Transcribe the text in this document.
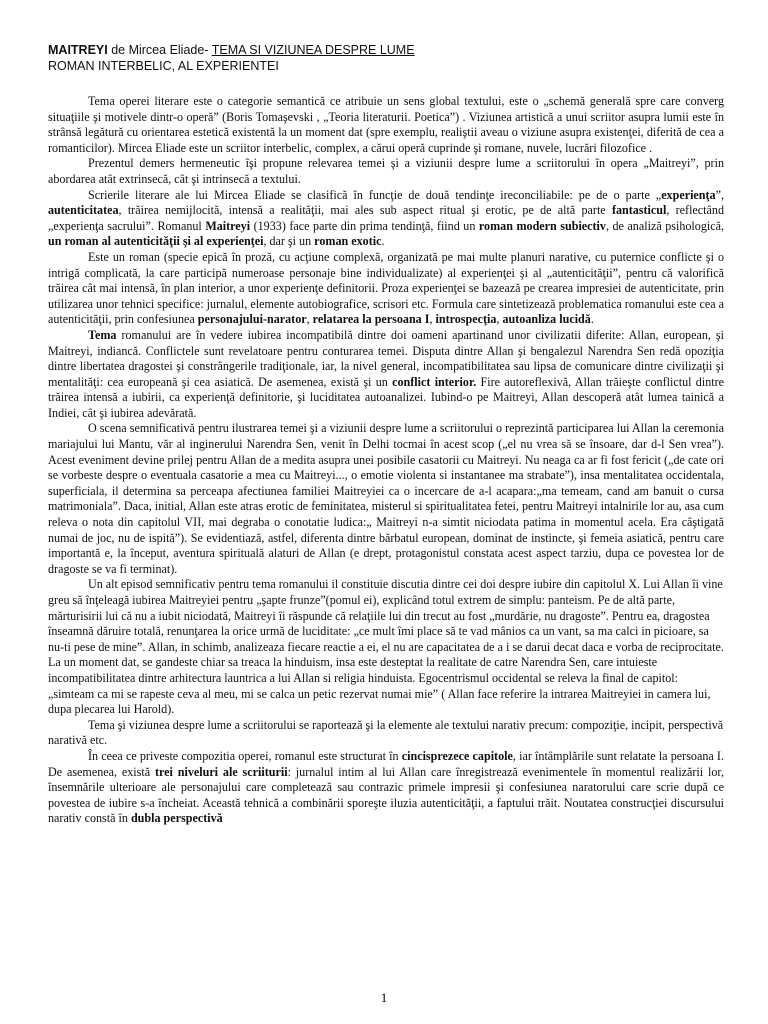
MAITREYI de Mircea Eliade- TEMA SI VIZIUNEA DESPRE LUME
ROMAN INTERBELIC, AL EXPERIENTEI

Tema operei literare este o categorie semantică ce atribuie un sens global textului, este o „schemă generală spre care converg situaţiile şi motivele dintr-o operă” (Boris Tomaşevski , „Teoria literaturii. Poetica”) . Viziunea artistică a unui scriitor asupra lumii este în strânsă legătură cu orientarea estetică existentă la un moment dat (spre exemplu, realiştii aveau o viziune asupra existenţei, diferită de cea a romanticilor). Mircea Eliade este un scriitor interbelic, complex, a cărui operă cuprinde şi romane, nuvele, lucrări filozofice .

Prezentul demers hermeneutic îşi propune relevarea temei şi a viziunii despre lume a scriitorului în opera „Maitreyi”, prin abordarea atât extrinsecă, cât şi intrinsecă a textului.

Scrierile literare ale lui Mircea Eliade se clasifică în funcţie de două tendinţe ireconciliabile: pe de o parte „experienţa”, autenticitatea, trăirea nemijlocită, intensă a realităţii, mai ales sub aspect ritual şi erotic, pe de altă parte fantasticul, reflectând „experienţa sacrului”. Romanul Maitreyi (1933) face parte din prima tendinţă, fiind un roman modern subiectiv, de analiză psihologică, un roman al autenticităţii şi al experienţei, dar şi un roman exotic.

Este un roman (specie epică în proză, cu acţiune complexă, organizată pe mai multe planuri narative, cu puternice conflicte şi o intrigă complicată, la care participă numeroase personaje bine individualizate) al experienţei şi al „autenticităţii”, pentru că valorifică trăirea cât mai intensă, în plan interior, a unor experienţe definitorii. Proza experienţei se bazează pe crearea impresiei de autenticitate, prin utilizarea unor tehnici specifice: jurnalul, elemente autobiografice, scrisori etc. Formula care sintetizează problematica romanului este cea a autenticităţii, prin confesiunea personajului-narator, relatarea la persoana I, introspecţia, autoanliza lucidă.

Tema romanului are în vedere iubirea incompatibilă dintre doi oameni apartinand unor civilizatii diferite: Allan, european, şi Maitreyi, indiancă. Conflictele sunt revelatoare pentru conturarea temei. Disputa dintre Allan şi bengalezul Narendra Sen redă opoziţia dintre libertatea dragostei şi constrângerile tradiţionale, iar, la nivel general, incompatibilitatea sau lipsa de comunicare dintre civilizaţii şi mentalităţi: cea europeană şi cea asiatică. De asemenea, există şi un conflict interior. Fire autoreflexivă, Allan trăieşte conflictul dintre trăirea intensă a iubirii, ca experienţă definitorie, şi luciditatea autoanalizei. Iubind-o pe Maitreyi, Allan descoperă atât lumea tainică a Indiei, cât şi iubirea adevărată.

O scena semnificativă pentru ilustrarea temei şi a viziunii despre lume a scriitorului o reprezintă participarea lui Allan la ceremonia mariajului lui Mantu, văr al inginerului Narendra Sen, venit în Delhi tocmai în acest scop („el nu vrea să se însoare, dar d-l Sen vrea”). Acest eveniment devine prilej pentru Allan de a medita asupra unei posibile casatorii cu Maitreyi. Nu neaga ca ar fi fost fericit („de cate ori se vorbeste despre o eventuala casatorie a mea cu Maitreyi..., o emotie violenta si instantanee ma strabate”), insa mentalitatea occidentala, superficiala, il determina sa perceapa afectiunea familiei Maitreyiei ca o incercare de a-l acapara:„ma temeam, cand am banuit o cursa matrimoniala”. Daca, initial, Allan este atras erotic de feminitatea, misterul si spiritualitatea fetei, pentru Maitreyi intalnirile lor au, asa cum releva o nota din capitolul VII, mai degraba o conotatie ludica:„ Maitreyi n-a simtit niciodata patima in momentul acela. Era câştigată numai de joc, nu de ispită”). Se evidentiază, astfel, diferenta dintre bărbatul european, dominat de instincte, şi femeia asiatică, pentru care importantă e, la început, aventura spirituală alaturi de Allan (e drept, protagonistul constata acest aspect tarziu, dupa ce povestea lor de dragoste se va fi terminat).

Un alt episod semnificativ pentru tema romanului il constituie discutia dintre cei doi despre iubire din capitolul X. Lui Allan îi vine greu să înţeleagă iubirea Maitreyiei pentru „şapte frunze”(pomul ei), explicând totul extrem de simplu: panteism. Pe de altă parte, mărturisirii lui că nu a iubit niciodată, Maitreyi îi răspunde că relaţiile lui din trecut au fost „murdărie, nu dragoste”. Pentru ea, dragostea înseamnă dăruire totală, renunţarea la orice urmă de luciditate: „ce mult îmi place să te vad mânios ca un vant, sa ma calci in picioare, sa nu-ti pese de mine”. Allan, in schimb, analizeaza fiecare reactie a ei, el nu are capacitatea de a i se darui decat daca e vorba de reciprocitate. La un moment dat, se gandeste chiar sa treaca la hinduism, insa este desteptat la realitate de catre Narendra Sen, care intuieste incompatibilitatea dintre arhitectura launtrica a lui Allan si religia hinduista. Egocentrismul occidental se releva la final de capitol:„simteam ca mi se rapeste ceva al meu, mi se calca un petic rezervat numai mie” ( Allan face referire la intrarea Maitreyiei in camera lui, dupa plecarea lui Harold).

Tema şi viziunea despre lume a scriitorului se raportează şi la elemente ale textului narativ precum: compoziţie, incipit, perspectivă narativă etc.

În ceea ce priveste compozitia operei, romanul este structurat în cincisprezece capitole, iar întâmplările sunt relatate la persoana I. De asemenea, există trei niveluri ale scriiturii: jurnalul intim al lui Allan care înregistrează evenimentele în momentul realizării lor, însemnările ulterioare ale personajului care completează sau contrazic primele impresii şi confesiunea naratorului care scrie după ce povestea de iubire s-a încheiat. Această tehnică a combinării sporeşte iluzia autenticităţii, a faptului trăit. Noutatea construcţiei discursului narativ constă în dubla perspectivă

1
